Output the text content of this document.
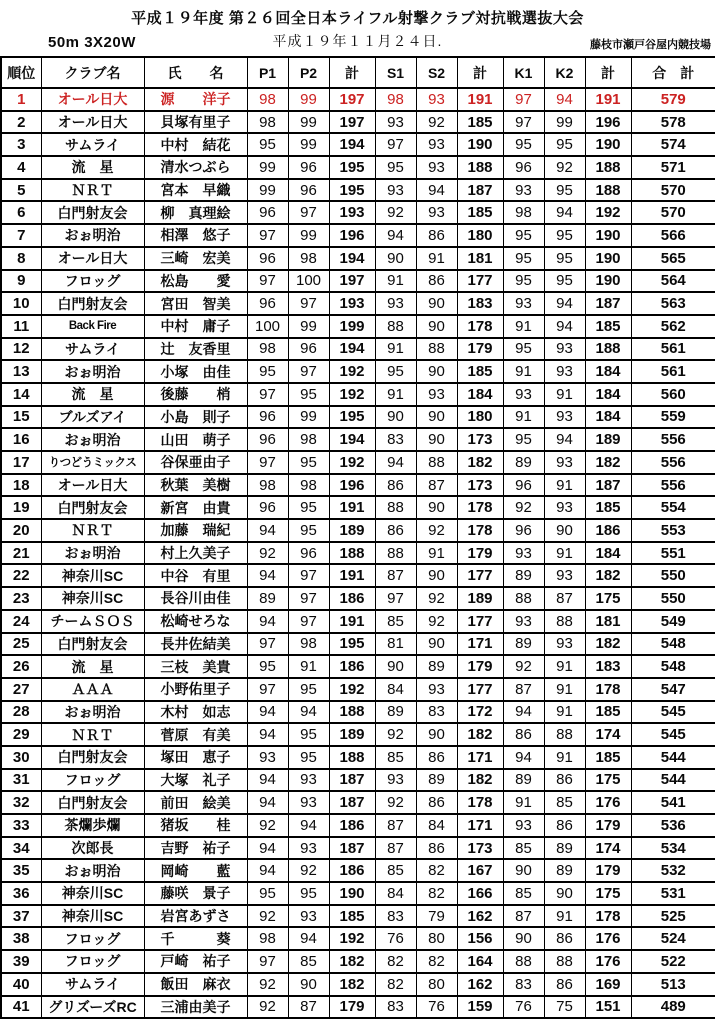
平成１９年度 第２６回全日本ライフル射撃クラブ対抗戦選抜大会
50m 3X20W	平成１９年１１月２４日.	藤枝市瀬戸谷屋内競技場
順位	クラブ名	氏　　名	P1	P2	計	S1	S2	計	K1	K2	計	合　計
1	オール日大	源　　洋子	98	99	197	98	93	191	97	94	191	579
2	オール日大	貝塚有里子	98	99	197	93	92	185	97	99	196	578
3	サムライ	中村　結花	95	99	194	97	93	190	95	95	190	574
4	流　星	清水つぶら	99	96	195	95	93	188	96	92	188	571
5	ＮＲＴ	宮本　早織	99	96	195	93	94	187	93	95	188	570
6	白門射友会	柳　真理絵	96	97	193	92	93	185	98	94	192	570
7	おぉ明治	相澤　悠子	97	99	196	94	86	180	95	95	190	566
8	オール日大	三崎　宏美	96	98	194	90	91	181	95	95	190	565
9	フロッグ	松島　　愛	97	100	197	91	86	177	95	95	190	564
10	白門射友会	宮田　智美	96	97	193	93	90	183	93	94	187	563
11	Back Fire	中村　庸子	100	99	199	88	90	178	91	94	185	562
12	サムライ	辻　友香里	98	96	194	91	88	179	95	93	188	561
13	おぉ明治	小塚　由佳	95	97	192	95	90	185	91	93	184	561
14	流　星	後藤　　梢	97	95	192	91	93	184	93	91	184	560
15	ブルズアイ	小島　則子	96	99	195	90	90	180	91	93	184	559
16	おぉ明治	山田　萌子	96	98	194	83	90	173	95	94	189	556
17	りつどうミックス	谷保亜由子	97	95	192	94	88	182	89	93	182	556
18	オール日大	秋葉　美樹	98	98	196	86	87	173	96	91	187	556
19	白門射友会	新宮　由貴	96	95	191	88	90	178	92	93	185	554
20	ＮＲＴ	加藤　瑞紀	94	95	189	86	92	178	96	90	186	553
21	おぉ明治	村上久美子	92	96	188	88	91	179	93	91	184	551
22	神奈川SC	中谷　有里	94	97	191	87	90	177	89	93	182	550
23	神奈川SC	長谷川由佳	89	97	186	97	92	189	88	87	175	550
24	チームＳＯＳ	松崎せろな	94	97	191	85	92	177	93	88	181	549
25	白門射友会	長井佐結美	97	98	195	81	90	171	89	93	182	548
26	流　星	三枝　美貴	95	91	186	90	89	179	92	91	183	548
27	ＡＡＡ	小野佑里子	97	95	192	84	93	177	87	91	178	547
28	おぉ明治	木村　如志	94	94	188	89	83	172	94	91	185	545
29	ＮＲＴ	菅原　有美	94	95	189	92	90	182	86	88	174	545
30	白門射友会	塚田　恵子	93	95	188	85	86	171	94	91	185	544
31	フロッグ	大塚　礼子	94	93	187	93	89	182	89	86	175	544
32	白門射友会	前田　絵美	94	93	187	92	86	178	91	85	176	541
33	茶爛歩爛	猪坂　　桂	92	94	186	87	84	171	93	86	179	536
34	次郎長	吉野　祐子	94	93	187	87	86	173	85	89	174	534
35	おぉ明治	岡崎　　藍	94	92	186	85	82	167	90	89	179	532
36	神奈川SC	藤咲　景子	95	95	190	84	82	166	85	90	175	531
37	神奈川SC	岩宮あずさ	92	93	185	83	79	162	87	91	178	525
38	フロッグ	千　　　葵	98	94	192	76	80	156	90	86	176	524
39	フロッグ	戸崎　祐子	97	85	182	82	82	164	88	88	176	522
40	サムライ	飯田　麻衣	92	90	182	82	80	162	83	86	169	513
41	グリズーズRC	三浦由美子	92	87	179	83	76	159	76	75	151	489
